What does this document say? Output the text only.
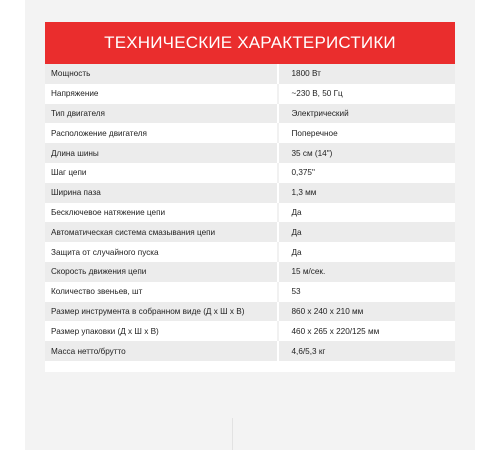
ТЕХНИЧЕСКИЕ ХАРАКТЕРИСТИКИ
Мощность	1800 Вт
Напряжение	~230 В, 50 Гц
Тип двигателя	Электрический
Расположение двигателя	Поперечное
Длина шины	35 см (14")
Шаг цепи	0,375"
Ширина паза	1,3 мм
Бесключевое натяжение цепи	Да
Автоматическая система смазывания цепи	Да
Защита от случайного пуска	Да
Скорость движения цепи	15 м/сек.
Количество звеньев, шт	53
Размер инструмента в собранном виде (Д х Ш х В)	860 х 240 х 210 мм
Размер упаковки (Д х Ш х В)	460 х 265 х 220/125 мм
Масса нетто/брутто	4,6/5,3 кг
